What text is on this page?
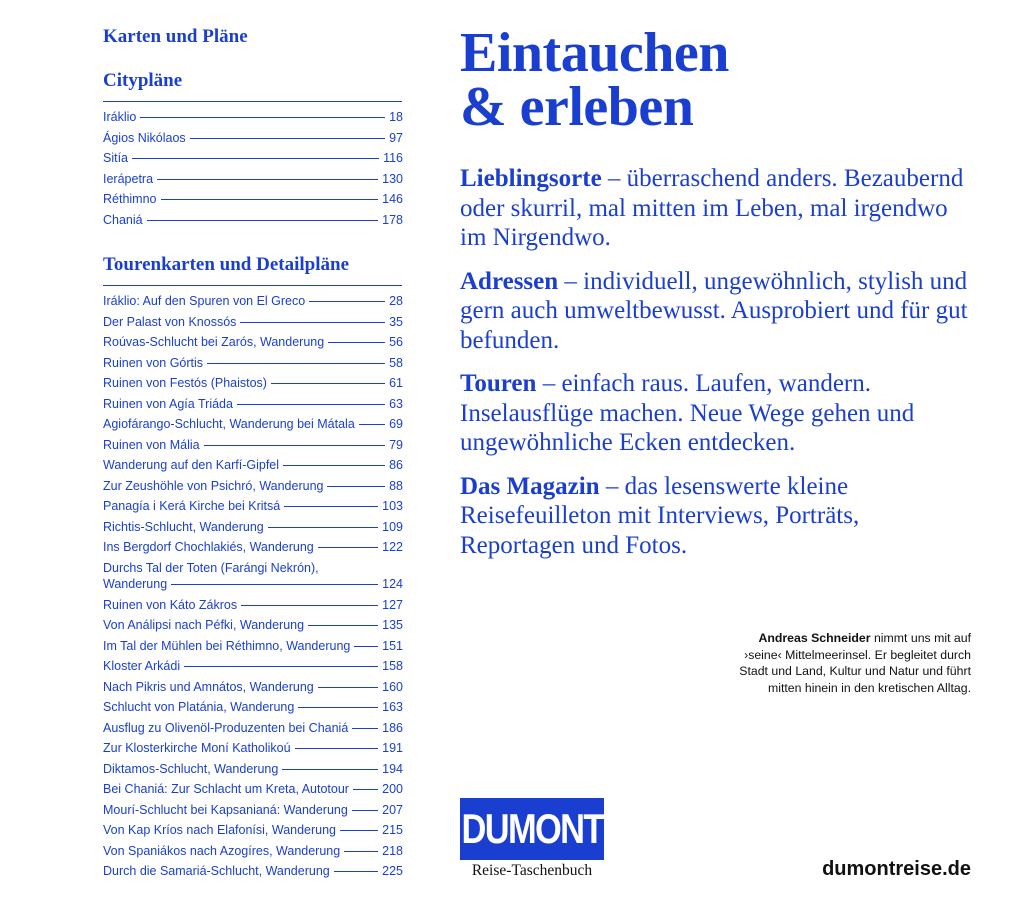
Karten und Pläne
Citypläne
Iráklio	18
Ágios Nikólaos	97
Sitía	116
Ierápetra	130
Réthimno	146
Chaniá	178
Tourenkarten und Detailpläne
Iráklio: Auf den Spuren von El Greco	28
Der Palast von Knossós	35
Roúvas-Schlucht bei Zarós, Wanderung	56
Ruinen von Górtis	58
Ruinen von Festós (Phaistos)	61
Ruinen von Agía Triáda	63
Agiofárango-Schlucht, Wanderung bei Mátala	69
Ruinen von Mália	79
Wanderung auf den Karfí-Gipfel	86
Zur Zeushöhle von Psichró, Wanderung	88
Panagía i Kerá Kirche bei Kritsá	103
Richtis-Schlucht, Wanderung	109
Ins Bergdorf Chochlakiés, Wanderung	122
Durchs Tal der Toten (Farángi Nekrón),
Wanderung	124
Ruinen von Káto Zákros	127
Von Análipsi nach Péfki, Wanderung	135
Im Tal der Mühlen bei Réthimno, Wanderung	151
Kloster Arkádi	158
Nach Pikris und Amnátos, Wanderung	160
Schlucht von Platánia, Wanderung	163
Ausflug zu Olivenöl-Produzenten bei Chaniá	186
Zur Klosterkirche Moní Katholikoú	191
Diktamos-Schlucht, Wanderung	194
Bei Chaniá: Zur Schlacht um Kreta, Autotour	200
Mourí-Schlucht bei Kapsanianá: Wanderung	207
Von Kap Kríos nach Elafonísi, Wanderung	215
Von Spaniákos nach Azogíres, Wanderung	218
Durch die Samariá-Schlucht, Wanderung	225
Eintauchen
& erleben

Lieblingsorte – überraschend anders. Bezaubernd oder skurril, mal mitten im Leben, mal irgendwo im Nirgendwo.

Adressen – individuell, ungewöhnlich, stylish und gern auch umweltbewusst. Ausprobiert und für gut befunden.

Touren – einfach raus. Laufen, wandern. Inselausflüge machen. Neue Wege gehen und ungewöhnliche Ecken entdecken.

Das Magazin – das lesenswerte kleine Reisefeuilleton mit Interviews, Porträts, Reportagen und Fotos.

Andreas Schneider nimmt uns mit auf ›seine‹ Mittelmeerinsel. Er begleitet durch Stadt und Land, Kultur und Natur und führt mitten hinein in den kretischen Alltag.

DUMONT
Reise-Taschenbuch	dumontreise.de
